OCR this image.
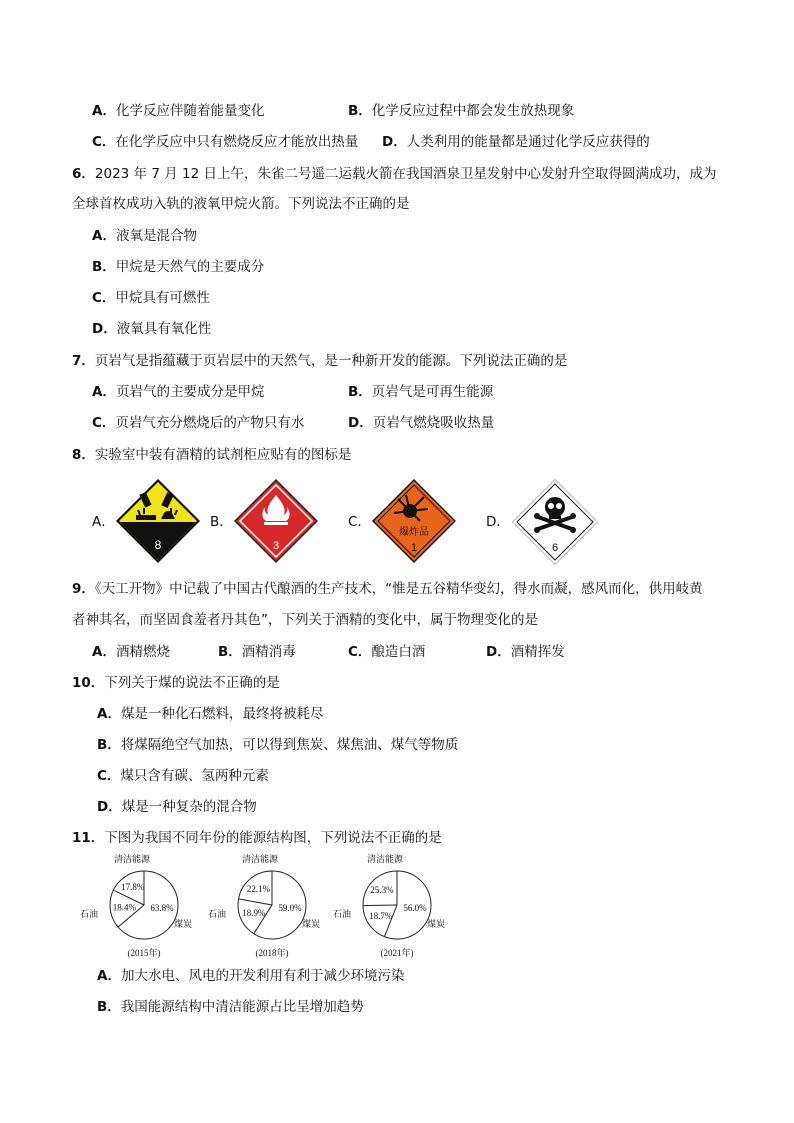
A．化学反应伴随着能量变化	B．化学反应过程中都会发生放热现象
C．在化学反应中只有燃烧反应才能放出热量 D．人类利用的能量都是通过化学反应获得的
6．2023 年 7 月 12 日上午，朱雀二号遥二运载火箭在我国酒泉卫星发射中心发射升空取得圆满成功，成为
全球首枚成功入轨的液氧甲烷火箭。下列说法不正确的是
A．液氧是混合物
B．甲烷是天然气的主要成分
C．甲烷具有可燃性
D．液氧具有氧化性
7．页岩气是指蕴藏于页岩层中的天然气，是一种新开发的能源。下列说法正确的是
A．页岩气的主要成分是甲烷	B．页岩气是可再生能源
C．页岩气充分燃烧后的产物只有水	D．页岩气燃烧吸收热量
8．实验室中装有酒精的试剂柜应贴有的图标是
A．
8
B．
3
C．
爆炸品
1
D．
6
9．《天工开物》中记载了中国古代酿酒的生产技术，“惟是五谷精华变幻，得水而凝，感风而化，供用岐黄
者神其名，而坚固食羞者丹其色”，下列关于酒精的变化中，属于物理变化的是
A．酒精燃烧	B．酒精消毒	C．酿造白酒	D．酒精挥发
10．下列关于煤的说法不正确的是
A．煤是一种化石燃料，最终将被耗尽
B．将煤隔绝空气加热，可以得到焦炭、煤焦油、煤气等物质
C．煤只含有碳、氢两种元素
D．煤是一种复杂的混合物
11．下图为我国不同年份的能源结构图，下列说法不正确的是
17.8%
18.4% 63.8%
清洁能源
石油
煤炭
(2015年)
22.1%
18.9% 59.0%
清洁能源
石油
煤炭
(2018年)
25.3%
18.7%
56.0%
清洁能源
石油
煤炭
(2021年)
A．加大水电、风电的开发利用有利于减少环境污染
B．我国能源结构中清洁能源占比呈增加趋势
